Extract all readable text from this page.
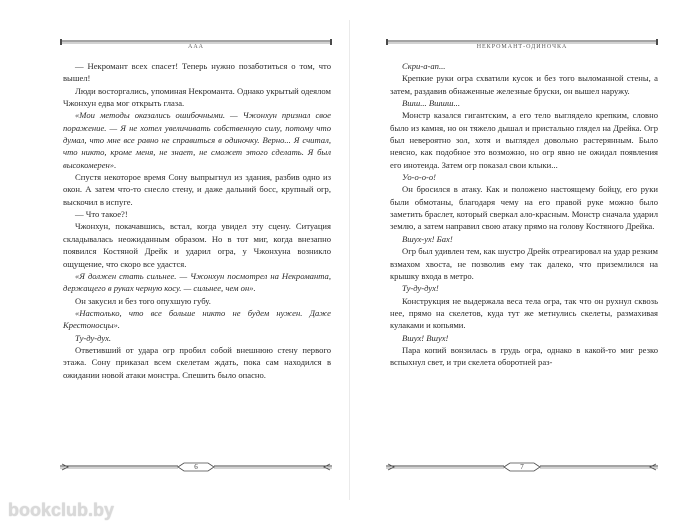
ААА

— Некромант всех спасет! Теперь нужно позаботиться о том, что вышел!

Люди восторгались, упоминая Некроманта. Однако укрытый одеялом Чжонхун едва мог открыть глаза.

«Мои методы оказались ошибочными. — Чжонхун признал свое поражение. — Я не хотел увеличивать собственную силу, потому что думал, что мне все равно не справиться в одиночку. Верно... Я считал, что никто, кроме меня, не знает, не сможет этого сделать. Я был высокомерен».

Спустя некоторое время Сону выпрыгнул из здания, разбив одно из окон. А затем что-то снесло стену, и даже дальний босс, крупный огр, выскочил в испуге.

— Что такое?!

Чжонхун, покачавшись, встал, когда увидел эту сцену. Ситуация складывалась неожиданным образом. Но в тот миг, когда внезапно появился Костяной Дрейк и ударил огра, у Чжонхуна возникло ощущение, что скоро все удастся.

«Я должен стать сильнее. — Чжонхун посмотрел на Некроманта, держащего в руках черную косу. — сильнее, чем он».

Он закусил и без того опухшую губу.

«Настолько, что все больше никто не будем нужен. Даже Крестоносцы».

Ту-ду-дух.

Ответивший от удара огр пробил собой внешнюю стену первого этажа. Сону приказал всем скелетам ждать, пока сам находился в ожидании новой атаки монстра. Спешить было опасно.

6
НЕКРОМАНТ-ОДИНОЧКА

Скри-а-ап...

Крепкие руки огра схватили кусок и без того выломанной стены, а затем, раздавив обнаженные железные бруски, он вышел наружу.

Вшш... Вшшш...

Монстр казался гигантским, а его тело выглядело крепким, словно было из камня, но он тяжело дышал и пристально глядел на Дрейка. Огр был невероятно зол, хотя и выглядел довольно растерянным. Было неясно, как подобное это возможно, но огр явно не ожидал появления его инотеида. Затем огр показал свои клыки...

Уо-о-о-о!

Он бросился в атаку. Как и положено настоящему бойцу, его руки были обмотаны, благодаря чему на его правой руке можно было заметить браслет, который сверкал ало-красным. Монстр сначала ударил землю, а затем направил свою атаку прямо на голову Костяного Дрейка.

Вшух-ух! Бах!

Огр был удивлен тем, как шустро Дрейк отреагировал на удар резким взмахом хвоста, не позволив ему так далеко, что приземлился на крышку входа в метро.

Ту-ду-дух!

Конструкция не выдержала веса тела огра, так что он рухнул сквозь нее, прямо на скелетов, куда тут же метнулись скелеты, размахивая кулаками и копьями.

Вшух! Вшух!

Пара копий вонзилась в грудь огра, однако в какой-то миг резко вспыхнул свет, и три скелета оборотней раз-

7
bookclub.by
